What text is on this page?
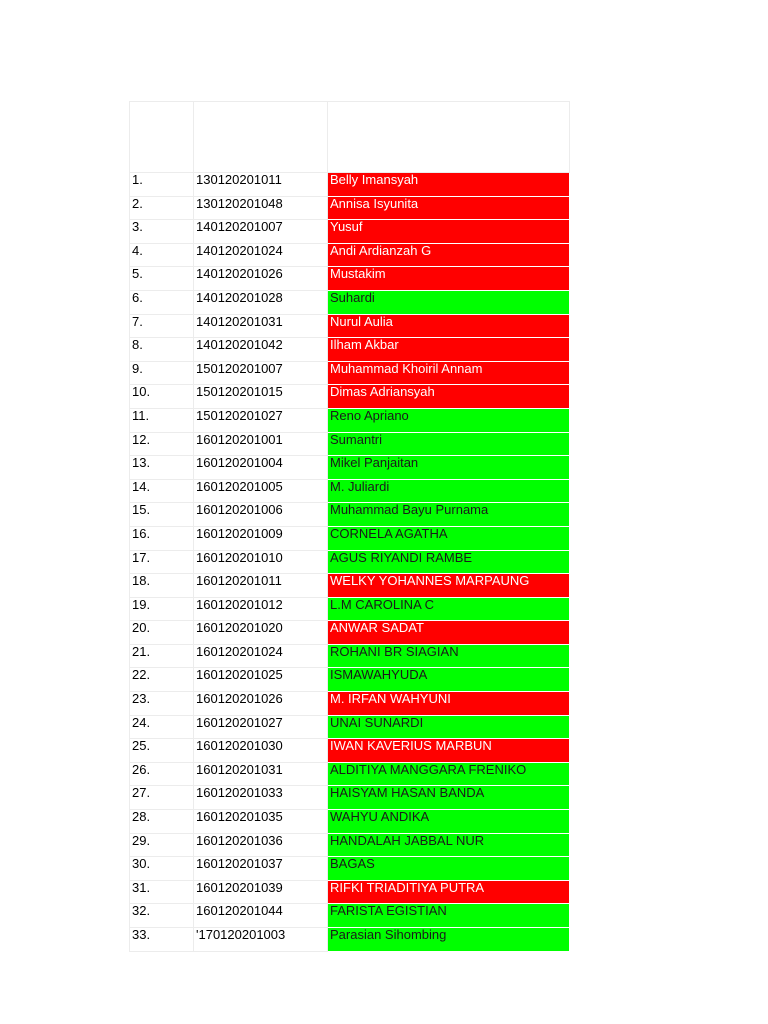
1.	130120201011	Belly Imansyah
2.	130120201048	Annisa Isyunita
3.	140120201007	Yusuf
4.	140120201024	Andi Ardianzah G
5.	140120201026	Mustakim
6.	140120201028	Suhardi
7.	140120201031	Nurul Aulia
8.	140120201042	Ilham Akbar
9.	150120201007	Muhammad Khoiril Annam
10.	150120201015	Dimas Adriansyah
11.	150120201027	Reno Apriano
12.	160120201001	Sumantri
13.	160120201004	Mikel Panjaitan
14.	160120201005	M. Juliardi
15.	160120201006	Muhammad Bayu Purnama
16.	160120201009	CORNELA AGATHA
17.	160120201010	AGUS RIYANDI RAMBE
18.	160120201011	WELKY YOHANNES MARPAUNG
19.	160120201012	L.M CAROLINA C
20.	160120201020	ANWAR SADAT
21.	160120201024	ROHANI BR SIAGIAN
22.	160120201025	ISMAWAHYUDA
23.	160120201026	M. IRFAN WAHYUNI
24.	160120201027	UNAI SUNARDI
25.	160120201030	IWAN KAVERIUS MARBUN
26.	160120201031	ALDITIYA MANGGARA FRENIKO
27.	160120201033	HAISYAM HASAN BANDA
28.	160120201035	WAHYU ANDIKA
29.	160120201036	HANDALAH JABBAL NUR
30.	160120201037	BAGAS
31.	160120201039	RIFKI TRIADITIYA PUTRA
32.	160120201044	FARISTA EGISTIAN
33.	'170120201003	Parasian Sihombing
